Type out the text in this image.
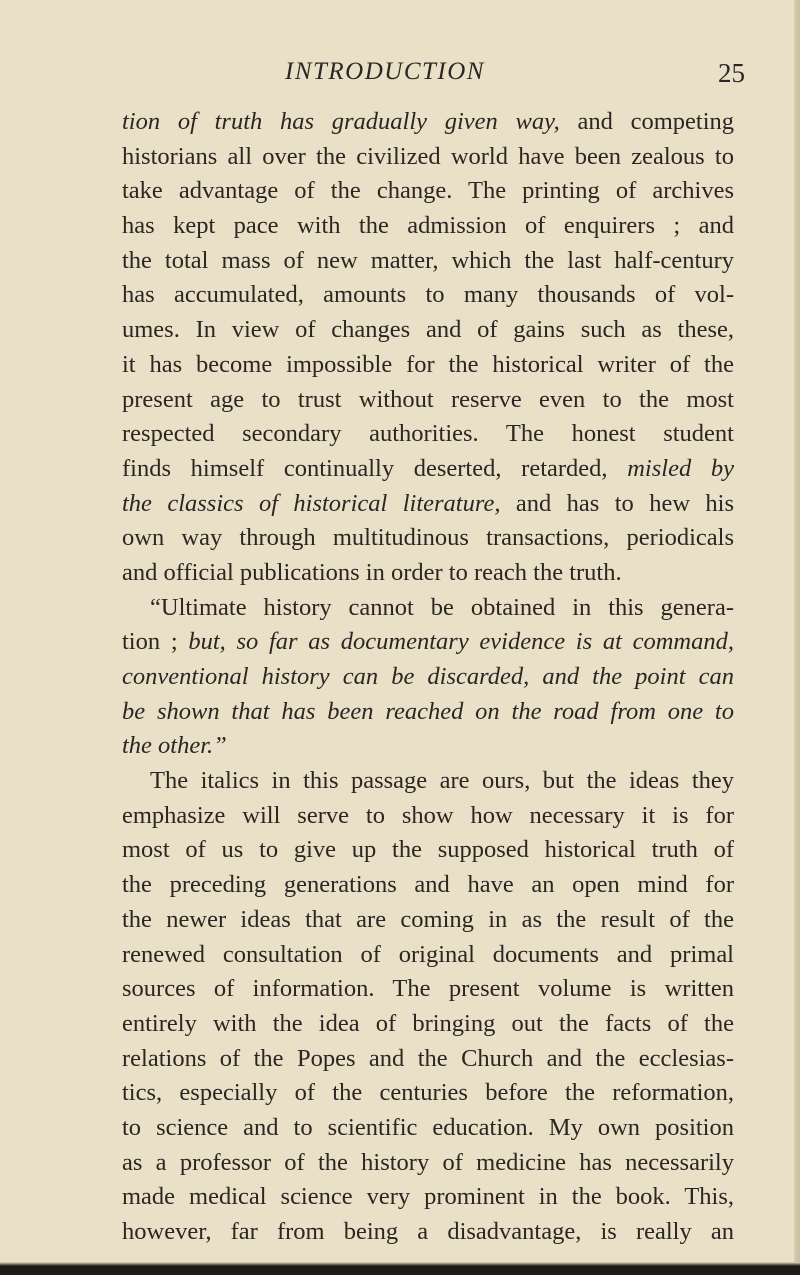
INTRODUCTION	25
tion of truth has gradually given way, and competing
historians all over the civilized world have been zealous to
take advantage of the change. The printing of archives
has kept pace with the admission of enquirers ; and
the total mass of new matter, which the last half-century
has accumulated, amounts to many thousands of vol-
umes. In view of changes and of gains such as these,
it has become impossible for the historical writer of the
present age to trust without reserve even to the most
respected secondary authorities. The honest student
finds himself continually deserted, retarded, misled by
the classics of historical literature, and has to hew his
own way through multitudinous transactions, periodicals
and official publications in order to reach the truth.
“Ultimate history cannot be obtained in this genera-
tion ; but, so far as documentary evidence is at command,
conventional history can be discarded, and the point can
be shown that has been reached on the road from one to
the other.”
The italics in this passage are ours, but the ideas they
emphasize will serve to show how necessary it is for
most of us to give up the supposed historical truth of
the preceding generations and have an open mind for
the newer ideas that are coming in as the result of the
renewed consultation of original documents and primal
sources of information. The present volume is written
entirely with the idea of bringing out the facts of the
relations of the Popes and the Church and the ecclesias-
tics, especially of the centuries before the reformation,
to science and to scientific education. My own position
as a professor of the history of medicine has necessarily
made medical science very prominent in the book. This,
however, far from being a disadvantage, is really an
